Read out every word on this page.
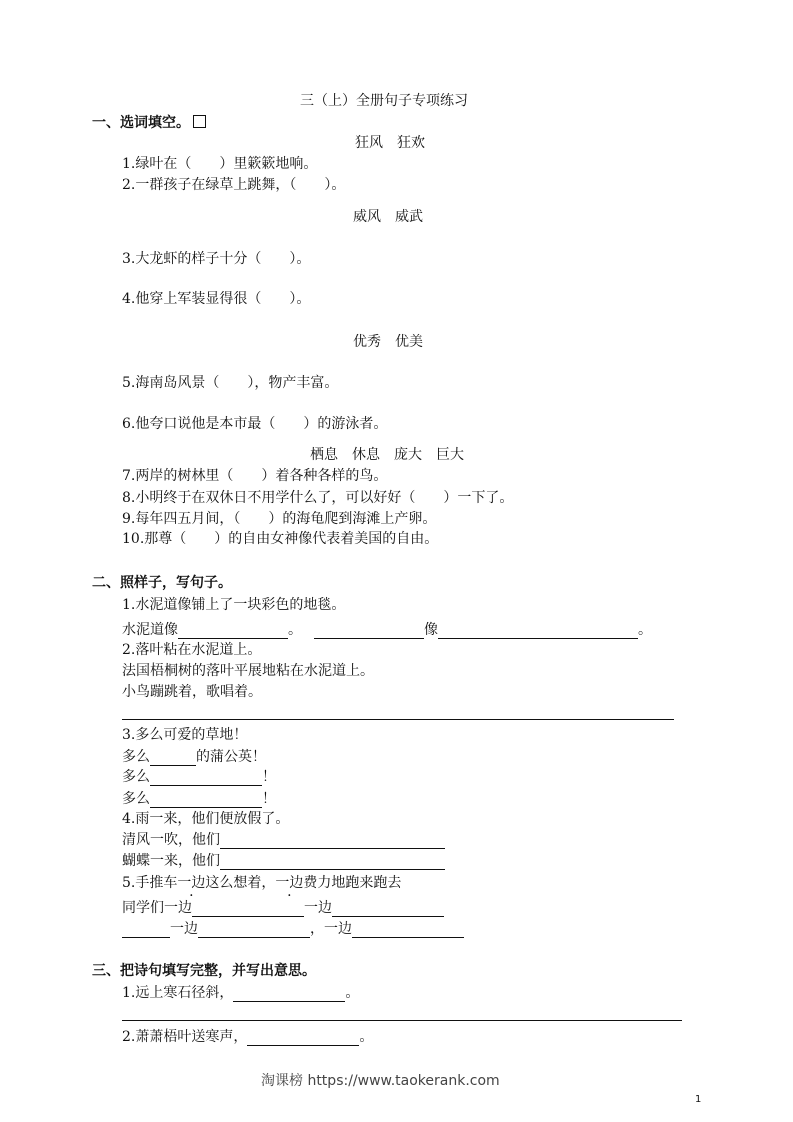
三（上）全册句子专项练习
一、选词填空。
狂风　狂欢
1.绿叶在（　　）里簌簌地响。
2.一群孩子在绿草上跳舞，（　　）。
威风　威武
3.大龙虾的样子十分（　　）。
4.他穿上军装显得很（　　）。
优秀　优美
5.海南岛风景（　　），物产丰富。
6.他夸口说他是本市最（　　）的游泳者。
栖息　休息　庞大　巨大
7.两岸的树林里（　　）着各种各样的鸟。
8.小明终于在双休日不用学什么了，可以好好（　　）一下了。
9.每年四五月间，（　　）的海龟爬到海滩上产卵。
10.那尊（　　）的自由女神像代表着美国的自由。
二、照样子，写句子。
1.水泥道像铺上了一块彩色的地毯。
水泥道像	。	像	。
2.落叶粘在水泥道上。
法国梧桐树的落叶平展地粘在水泥道上。
小鸟蹦跳着，歌唱着。
3.多么可爱的草地！
多么	的蒲公英！
多么	！
多么	！
4.雨一来，他们便放假了。
清风一吹，他们
蝴蝶一来，他们
5.手推车一边这么想着，一边费力地跑来跑去
同学们一边	一边
一边	，一边
三、把诗句填写完整，并写出意思。
1.远上寒石径斜，	。
2.萧萧梧叶送寒声，	。
淘课榜 https://www.taokerank.com
1
